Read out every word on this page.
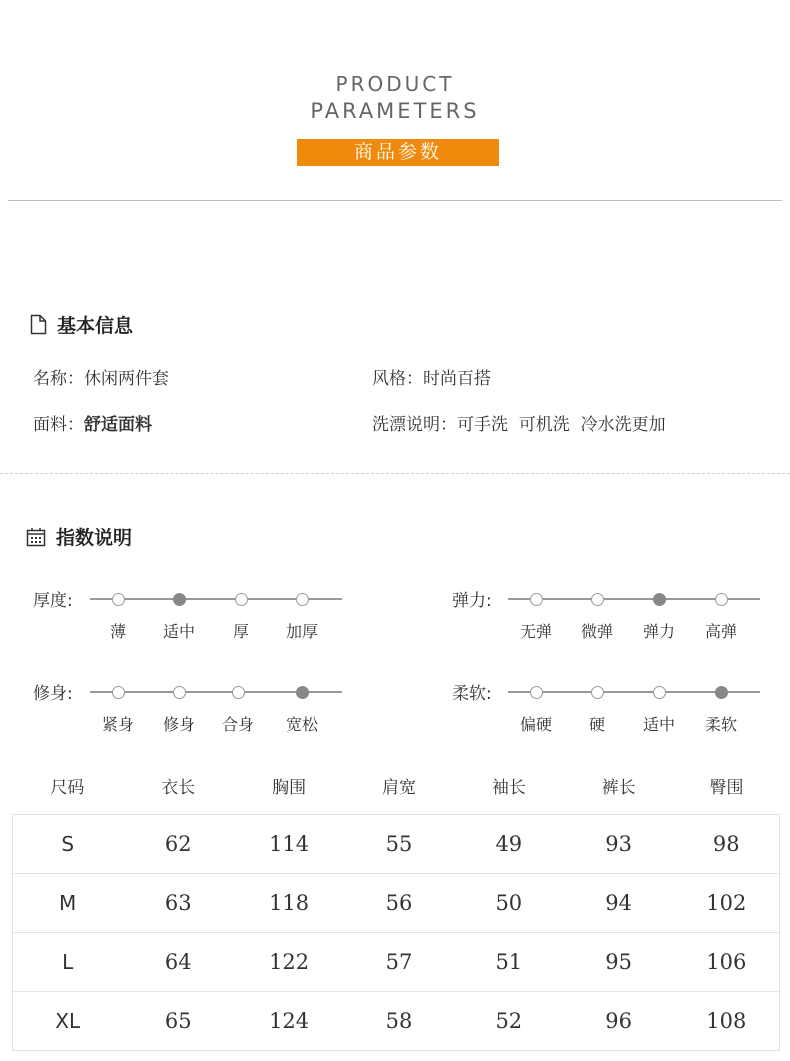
PRODUCT
PARAMETERS
商品参数
基本信息
名称：休闲两件套	风格：时尚百搭
面料：舒适面料	洗漂说明：可手洗  可机洗  冷水洗更加
指数说明
厚度:
薄 适中 厚 加厚
弹力:
无弹 微弹 弹力 高弹
修身:
紧身 修身 合身 宽松
柔软:
偏硬 硬 适中 柔软
尺码	衣长	胸围	肩宽	袖长	裤长	臀围
S	62	114	55	49	93	98
M	63	118	56	50	94	102
L	64	122	57	51	95	106
XL	65	124	58	52	96	108
